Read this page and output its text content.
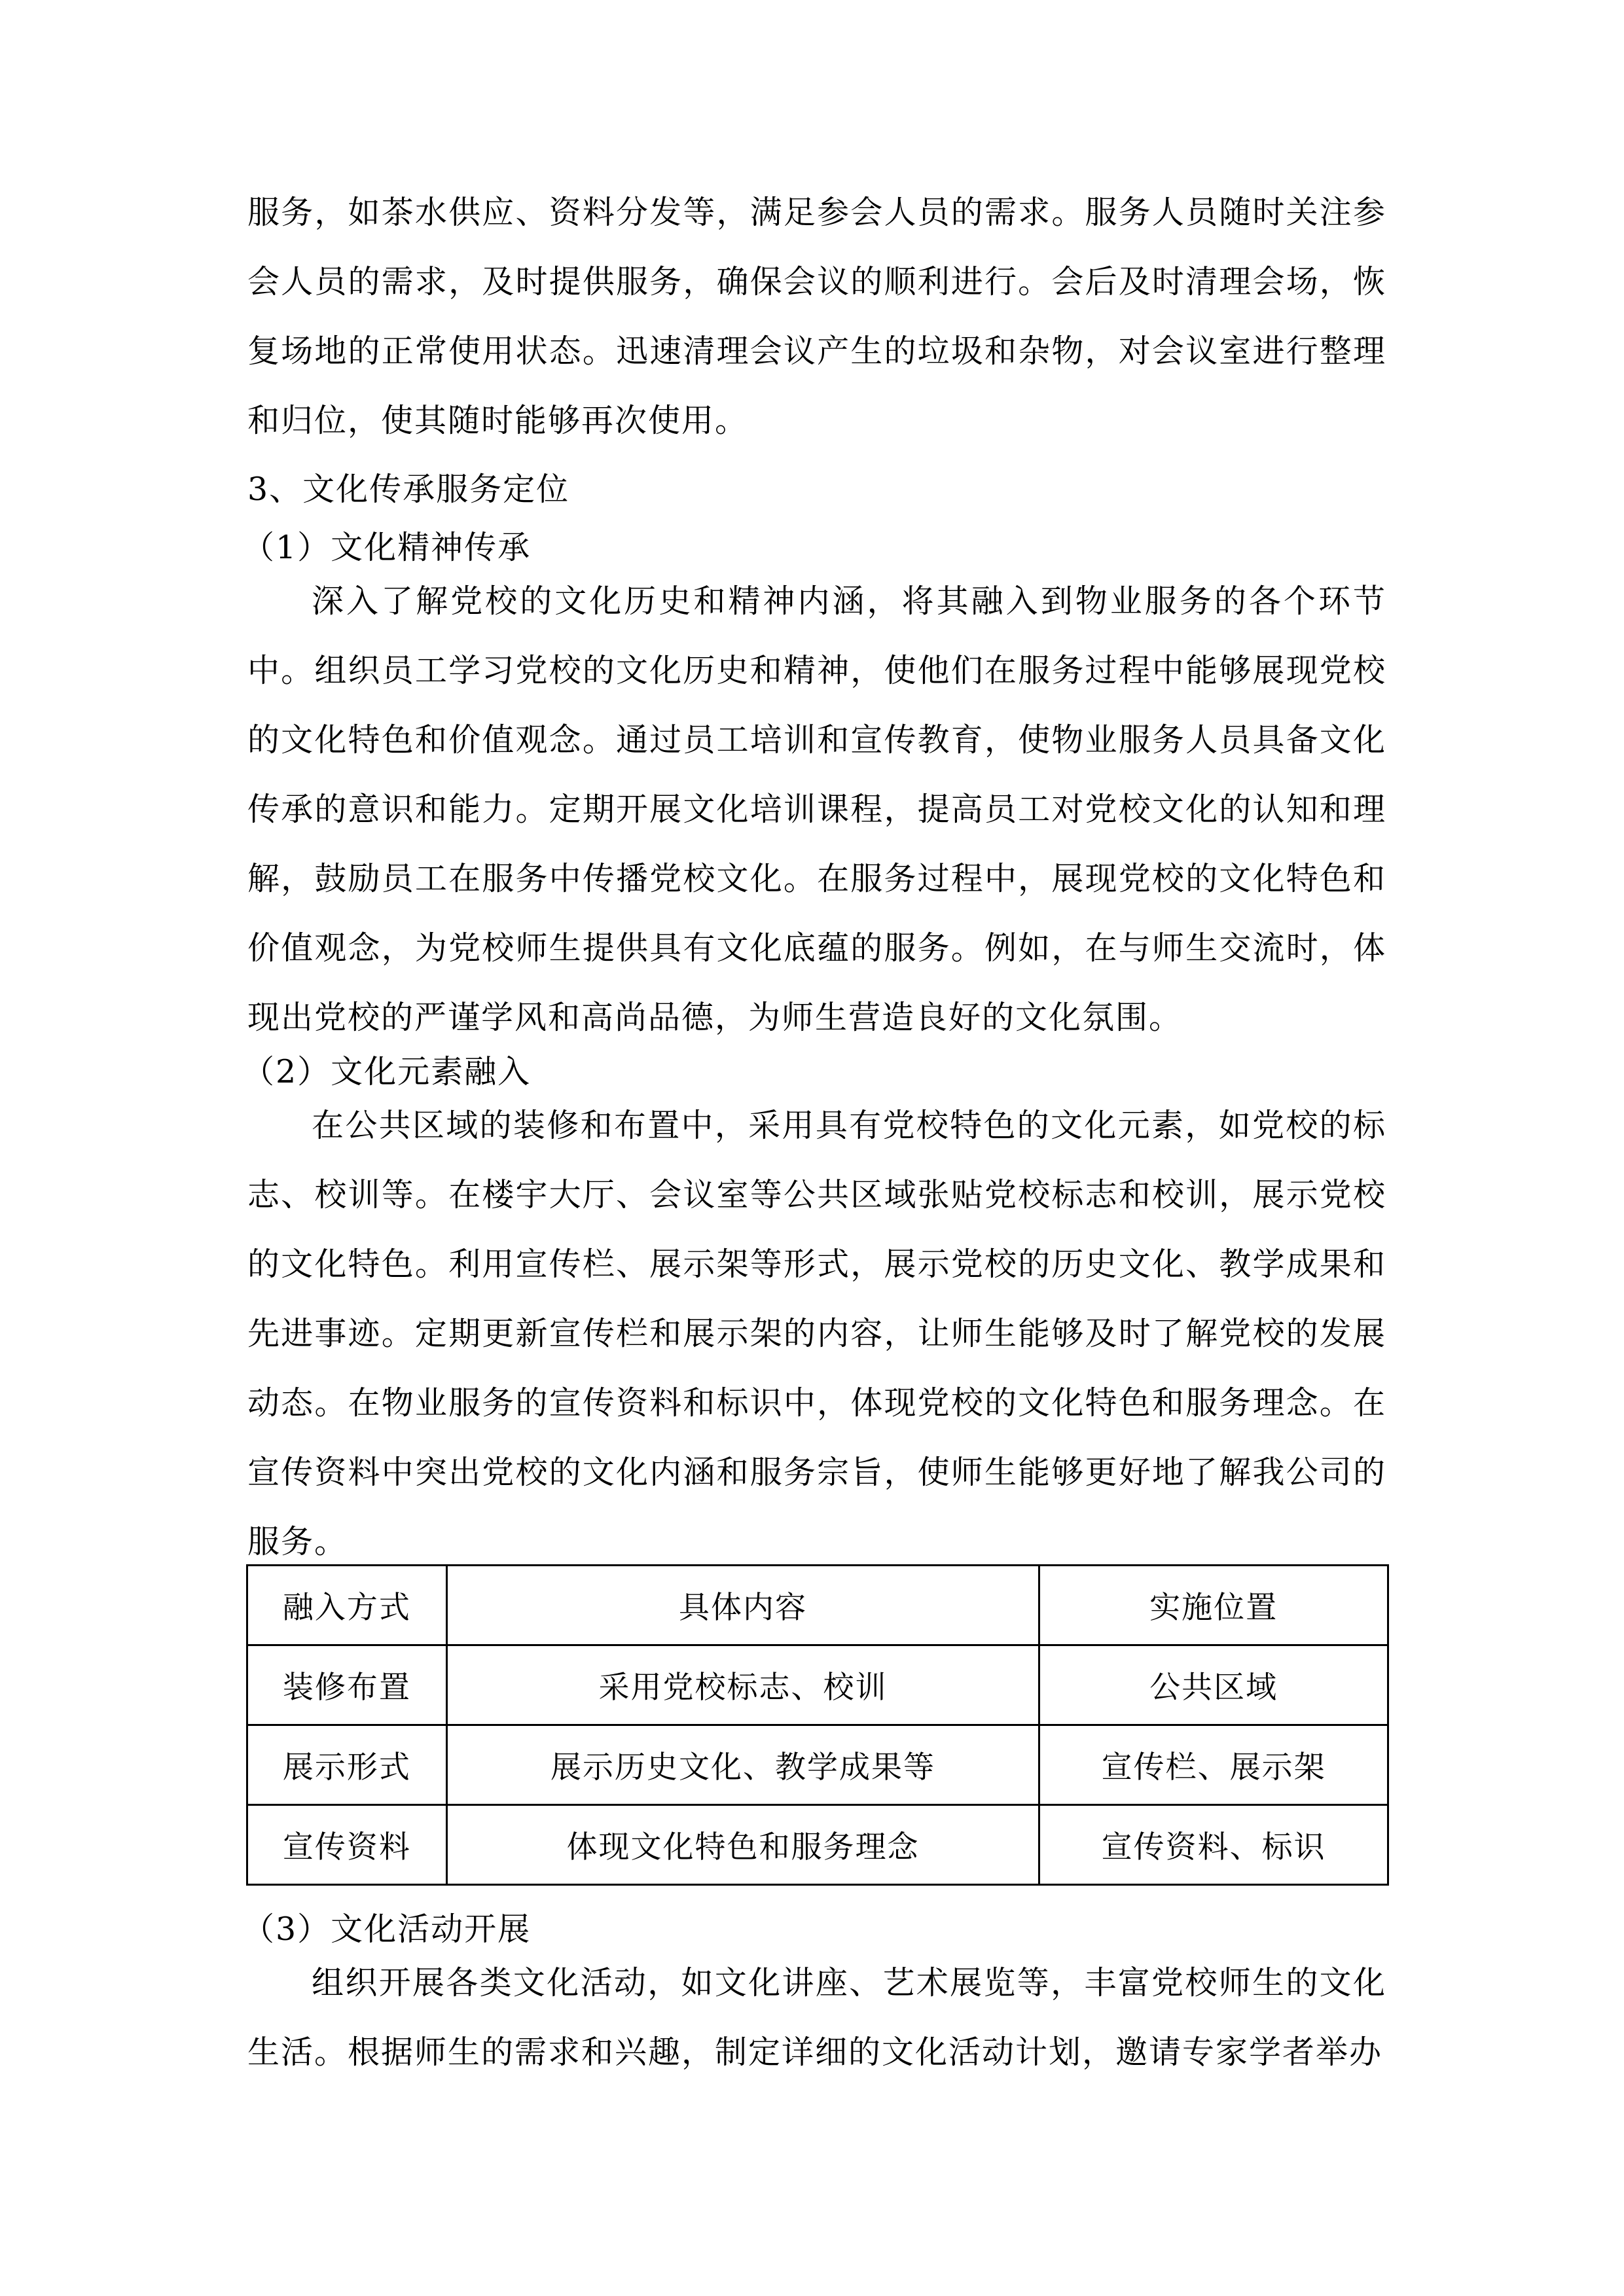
服务，如茶水供应、资料分发等，满足参会人员的需求。服务人员随时关注参会人员的需求，及时提供服务，确保会议的顺利进行。会后及时清理会场，恢复场地的正常使用状态。迅速清理会议产生的垃圾和杂物，对会议室进行整理和归位，使其随时能够再次使用。

3、文化传承服务定位

（1）文化精神传承

深入了解党校的文化历史和精神内涵，将其融入到物业服务的各个环节中。组织员工学习党校的文化历史和精神，使他们在服务过程中能够展现党校的文化特色和价值观念。通过员工培训和宣传教育，使物业服务人员具备文化传承的意识和能力。定期开展文化培训课程，提高员工对党校文化的认知和理解，鼓励员工在服务中传播党校文化。在服务过程中，展现党校的文化特色和价值观念，为党校师生提供具有文化底蕴的服务。例如，在与师生交流时，体现出党校的严谨学风和高尚品德，为师生营造良好的文化氛围。

（2）文化元素融入

在公共区域的装修和布置中，采用具有党校特色的文化元素，如党校的标志、校训等。在楼宇大厅、会议室等公共区域张贴党校标志和校训，展示党校的文化特色。利用宣传栏、展示架等形式，展示党校的历史文化、教学成果和先进事迹。定期更新宣传栏和展示架的内容，让师生能够及时了解党校的发展动态。在物业服务的宣传资料和标识中，体现党校的文化特色和服务理念。在宣传资料中突出党校的文化内涵和服务宗旨，使师生能够更好地了解我公司的服务。

融入方式	具体内容	实施位置
装修布置	采用党校标志、校训	公共区域
展示形式	展示历史文化、教学成果等	宣传栏、展示架
宣传资料	体现文化特色和服务理念	宣传资料、标识

（3）文化活动开展

组织开展各类文化活动，如文化讲座、艺术展览等，丰富党校师生的文化生活。根据师生的需求和兴趣，制定详细的文化活动计划，邀请专家学者举办
